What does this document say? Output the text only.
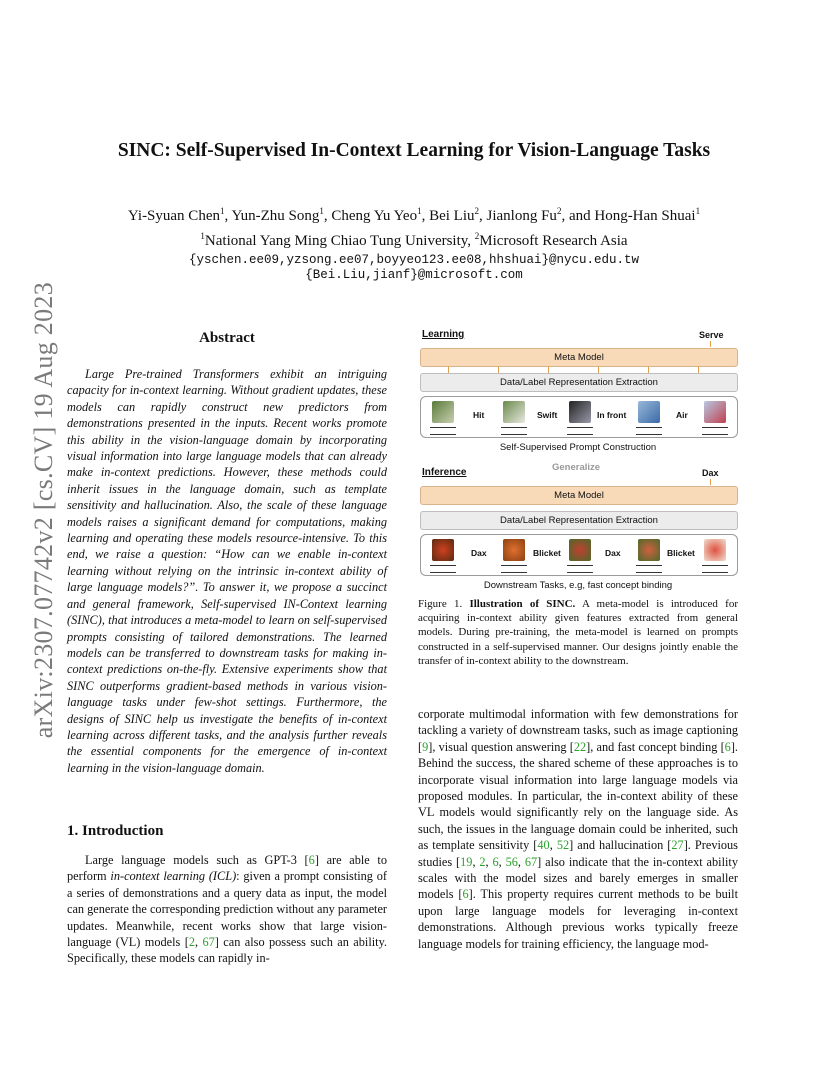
arXiv:2307.07742v2 [cs.CV] 19 Aug 2023
SINC: Self-Supervised In-Context Learning for Vision-Language Tasks
Yi-Syuan Chen$^1$, Yun-Zhu Song$^1$, Cheng Yu Yeo$^1$, Bei Liu$^2$, Jianlong Fu$^2$, and Hong-Han Shuai$^1$
$^1$National Yang Ming Chiao Tung University, $^2$Microsoft Research Asia
{yschen.ee09,yzsong.ee07,boyyeo123.ee08,hhshuai}@nycu.edu.tw
{Bei.Liu,jianf}@microsoft.com
Abstract

Large Pre-trained Transformers exhibit an intriguing capacity for in-context learning. Without gradient updates, these models can rapidly construct new predictors from demonstrations presented in the inputs. Recent works promote this ability in the vision-language domain by incorporating visual information into large language models that can already make in-context predictions. However, these methods could inherit issues in the language domain, such as template sensitivity and hallucination. Also, the scale of these language models raises a significant demand for computations, making learning and operating these models resource-intensive. To this end, we raise a question: “How can we enable in-context learning without relying on the intrinsic in-context ability of large language models?”. To answer it, we propose a succinct and general framework, Self-supervised IN-Context learning (SINC), that introduces a meta-model to learn on self-supervised prompts consisting of tailored demonstrations. The learned models can be transferred to downstream tasks for making in-context predictions on-the-fly. Extensive experiments show that SINC outperforms gradient-based methods in various vision-language tasks under few-shot settings. Furthermore, the designs of SINC help us investigate the benefits of in-context learning across different tasks, and the analysis further reveals the essential components for the emergence of in-context learning in the vision-language domain.

1. Introduction

Large language models such as GPT-3 [6] are able to perform in-context learning (ICL): given a prompt consisting of a series of demonstrations and a query data as input, the model can generate the corresponding prediction without any parameter updates. Meanwhile, recent works show that large vision-language (VL) models [2, 67] can also possess such an ability. Specifically, these models can rapidly in-

corporate multimodal information with few demonstrations for tackling a variety of downstream tasks, such as image captioning [9], visual question answering [22], and fast concept binding [6]. Behind the success, the shared scheme of these approaches is to incorporate visual information into large language models via proposed modules. In particular, the in-context ability of these VL models would significantly rely on the language side. As such, the issues in the language domain could be inherited, such as template sensitivity [40, 52] and hallucination [27]. Previous studies [19, 2, 6, 56, 67] also indicate that the in-context ability scales with the model sizes and barely emerges in smaller models [6]. This property requires current methods to be built upon large language models for leveraging in-context demonstrations. Although previous works typically freeze language models for training efficiency, the language mod-

Learning	Serve
Meta Model
Data/Label Representation Extraction
Hit	Swift	In front	Air
Self-Supervised Prompt Construction
Generalize
Inference	Dax
Meta Model
Data/Label Representation Extraction
Dax	Blicket	Dax	Blicket
Downstream Tasks, e.g, fast concept binding

Figure 1. Illustration of SINC. A meta-model is introduced for acquiring in-context ability given features extracted from general models. During pre-training, the meta-model is learned on prompts constructed in a self-supervised manner. Our designs jointly enable the transfer of in-context ability to the downstream.
